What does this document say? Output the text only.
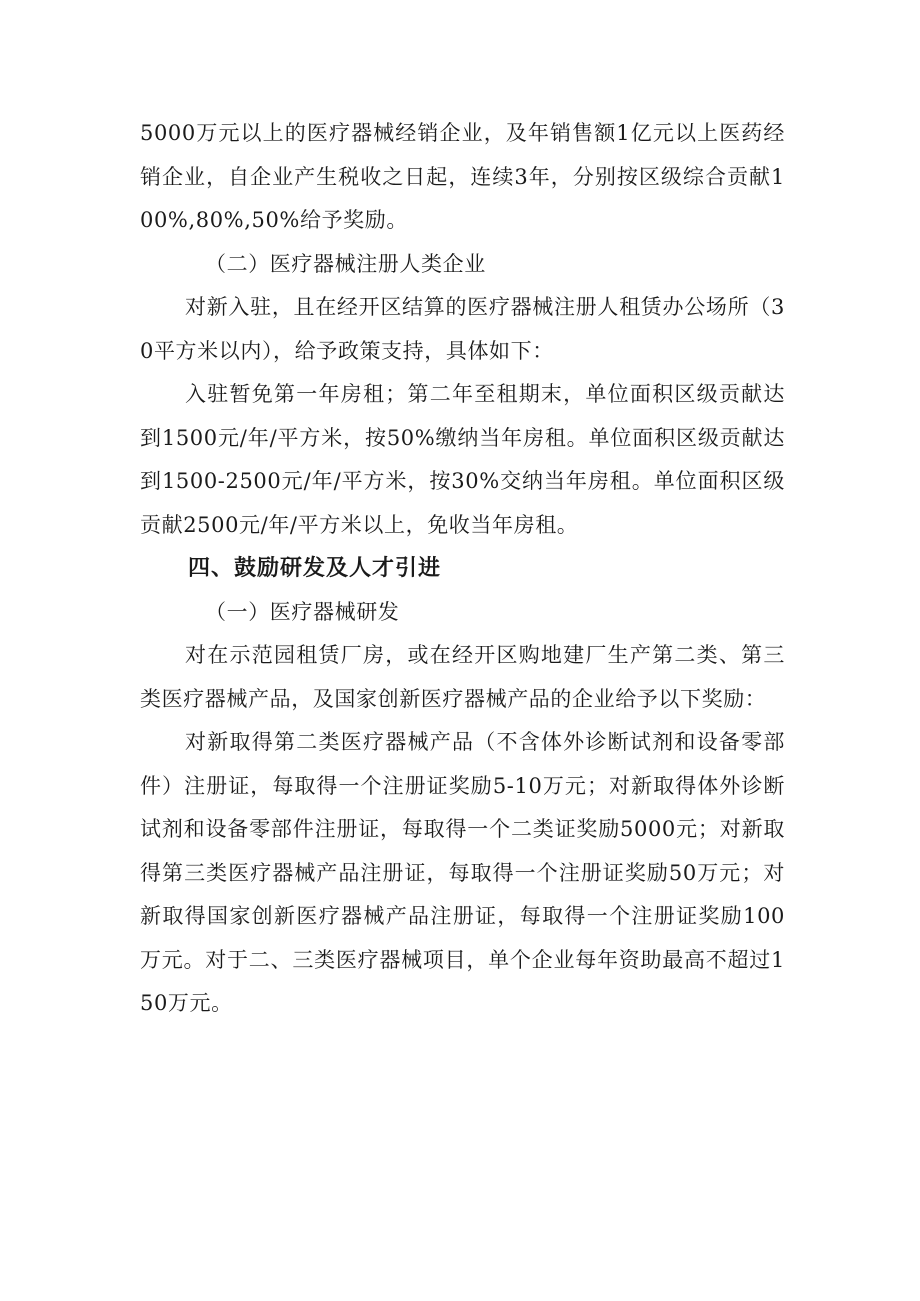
5000万元以上的医疗器械经销企业，及年销售额1亿元以上医药经销企业，自企业产生税收之日起，连续3年，分别按区级综合贡献100%,80%,50%给予奖励。

（二）医疗器械注册人类企业

对新入驻，且在经开区结算的医疗器械注册人租赁办公场所（30平方米以内），给予政策支持，具体如下：

入驻暂免第一年房租；第二年至租期末，单位面积区级贡献达到1500元/年/平方米，按50%缴纳当年房租。单位面积区级贡献达到1500-2500元/年/平方米，按30%交纳当年房租。单位面积区级贡献2500元/年/平方米以上，免收当年房租。

四、鼓励研发及人才引进

（一）医疗器械研发

对在示范园租赁厂房，或在经开区购地建厂生产第二类、第三类医疗器械产品，及国家创新医疗器械产品的企业给予以下奖励：

对新取得第二类医疗器械产品（不含体外诊断试剂和设备零部件）注册证，每取得一个注册证奖励5-10万元；对新取得体外诊断试剂和设备零部件注册证，每取得一个二类证奖励5000元；对新取得第三类医疗器械产品注册证，每取得一个注册证奖励50万元；对新取得国家创新医疗器械产品注册证，每取得一个注册证奖励100万元。对于二、三类医疗器械项目，单个企业每年资助最高不超过150万元。
